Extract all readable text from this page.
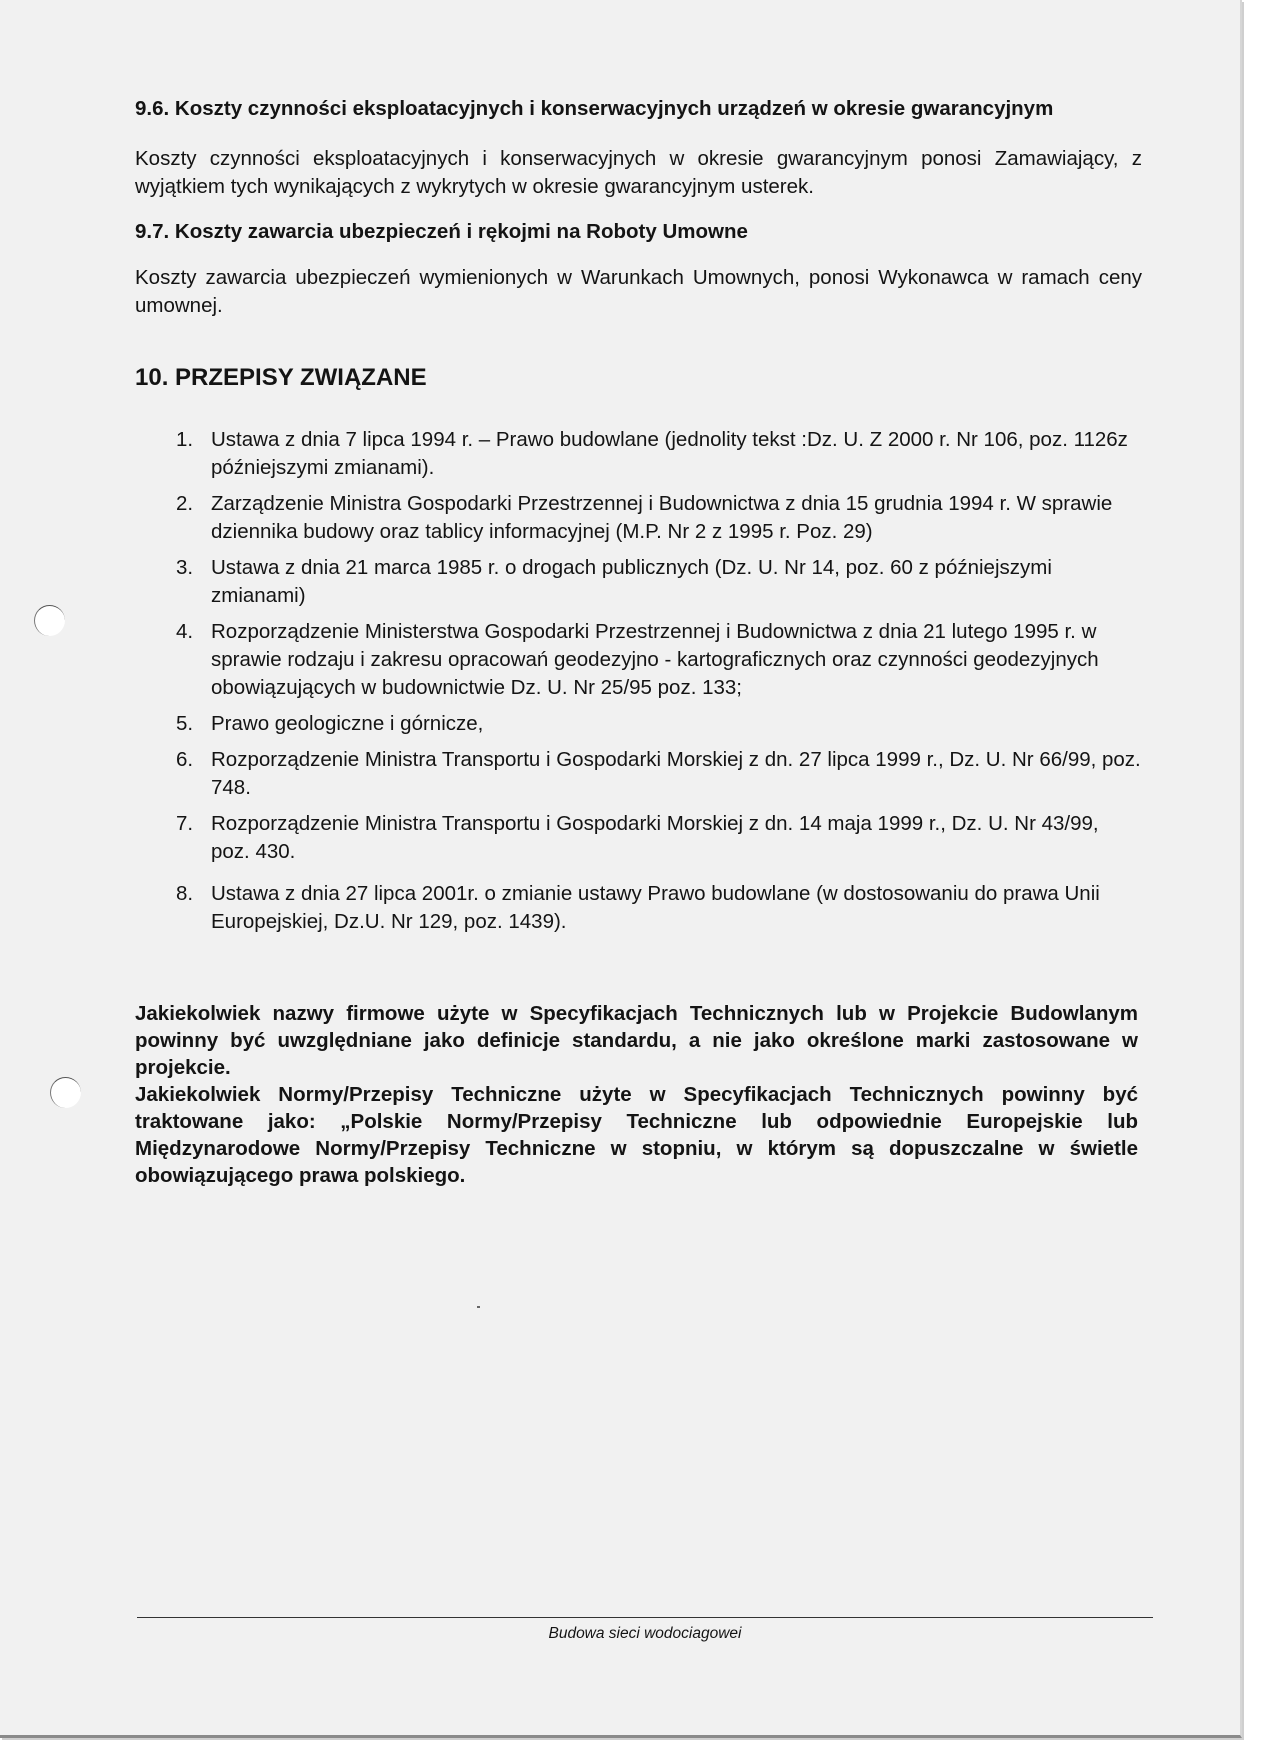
9.6. Koszty czynności eksploatacyjnych i konserwacyjnych urządzeń w okresie gwarancyjnym

Koszty czynności eksploatacyjnych i konserwacyjnych w okresie gwarancyjnym ponosi Zamawiający, z wyjątkiem tych wynikających z wykrytych w okresie gwarancyjnym usterek.

9.7. Koszty zawarcia ubezpieczeń i rękojmi na Roboty Umowne

Koszty zawarcia ubezpieczeń wymienionych w Warunkach Umownych, ponosi Wykonawca w ramach ceny umownej.

10. PRZEPISY ZWIĄZANE
1. Ustawa z dnia 7 lipca 1994 r. – Prawo budowlane (jednolity tekst :Dz. U. Z 2000 r. Nr 106, poz. 1126z późniejszymi zmianami).

2. Zarządzenie Ministra Gospodarki Przestrzennej i Budownictwa z dnia 15 grudnia 1994 r. W sprawie dziennika budowy oraz tablicy informacyjnej (M.P. Nr 2 z 1995 r. Poz. 29)

3. Ustawa z dnia 21 marca 1985 r. o drogach publicznych (Dz. U. Nr 14, poz. 60 z późniejszymi zmianami)

4. Rozporządzenie Ministerstwa Gospodarki Przestrzennej i Budownictwa z dnia 21 lutego 1995 r. w sprawie rodzaju i zakresu opracowań geodezyjno - kartograficznych oraz czynności geodezyjnych obowiązujących w budownictwie Dz. U. Nr 25/95 poz. 133;

5. Prawo geologiczne i górnicze,

6. Rozporządzenie Ministra Transportu i Gospodarki Morskiej z dn. 27 lipca 1999 r., Dz. U. Nr 66/99, poz. 748.

7. Rozporządzenie Ministra Transportu i Gospodarki Morskiej z dn. 14 maja 1999 r., Dz. U. Nr 43/99, poz. 430.

8. Ustawa z dnia 27 lipca 2001r. o zmianie ustawy Prawo budowlane (w dostosowaniu do prawa Unii Europejskiej, Dz.U. Nr 129, poz. 1439).

Jakiekolwiek nazwy firmowe użyte w Specyfikacjach Technicznych lub w Projekcie Budowlanym powinny być uwzględniane jako definicje standardu, a nie jako określone marki zastosowane w projekcie.

Jakiekolwiek Normy/Przepisy Techniczne użyte w Specyfikacjach Technicznych powinny być traktowane jako: „Polskie Normy/Przepisy Techniczne lub odpowiednie Europejskie lub Międzynarodowe Normy/Przepisy Techniczne w stopniu, w którym są dopuszczalne w świetle obowiązującego prawa polskiego.

Budowa sieci wodociagowei
